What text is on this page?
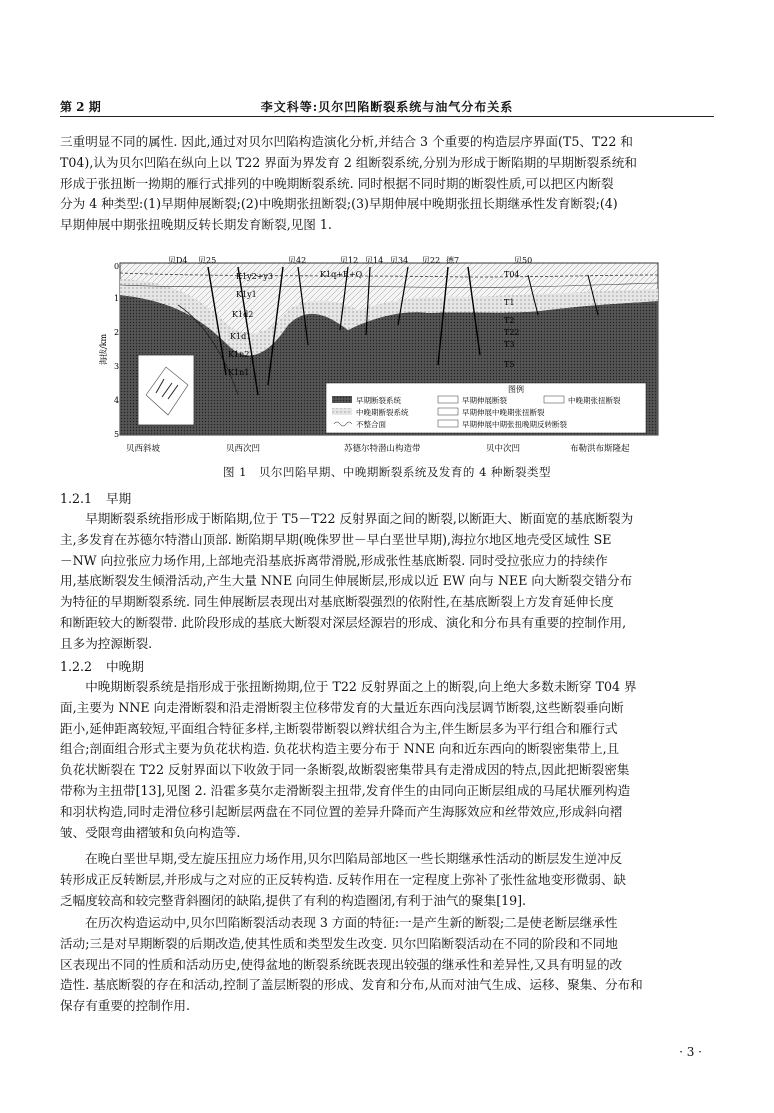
第 2 期	李文科等:贝尔凹陷断裂系统与油气分布关系
三重明显不同的属性. 因此,通过对贝尔凹陷构造演化分析,并结合 3 个重要的构造层序界面(T5、T22 和
T04),认为贝尔凹陷在纵向上以 T22 界面为界发育 2 组断裂系统,分别为形成于断陷期的早期断裂系统和
形成于张扭断一拗期的雁行式排列的中晚期断裂系统. 同时根据不同时期的断裂性质,可以把区内断裂
分为 4 种类型:(1)早期伸展断裂;(2)中晚期张扭断裂;(3)早期伸展中晚期张扭长期继承性发育断裂;(4)
早期伸展中期张扭晚期反转长期发育断裂,见图 1.
贝D4 贝25	贝42	贝12 贝14 贝34 贝22 德7	贝50
0
1
2
3
4
5
海拔/km
K1y2+y3	K1q+R+Q
K1y1
K1d2
K1d1
K1n2
K1n1
T04
T1
T2
T22
T3
T5
图例
早期断裂系统	早期伸展断裂	中晚期张扭断裂
中晚期断裂系统	早期伸展中晚期张扭断裂
不整合面	早期伸展中期张扭晚期反转断裂
贝西斜坡	贝西次凹	苏德尔特潜山构造带	贝中次凹	布勒洪布斯隆起
图 1　贝尔凹陷早期、中晚期断裂系统及发育的 4 种断裂类型
1.2.1 早期
早期断裂系统指形成于断陷期,位于 T5－T22 反射界面之间的断裂,以断距大、断面宽的基底断裂为
主,多发育在苏德尔特潜山顶部. 断陷期早期(晚侏罗世－早白垩世早期),海拉尔地区地壳受区域性 SE
－NW 向拉张应力场作用,上部地壳沿基底拆离带滑脱,形成张性基底断裂. 同时受拉张应力的持续作
用,基底断裂发生倾滑活动,产生大量 NNE 向同生伸展断层,形成以近 EW 向与 NEE 向大断裂交错分布
为特征的早期断裂系统. 同生伸展断层表现出对基底断裂强烈的依附性,在基底断裂上方发育延伸长度
和断距较大的断裂带. 此阶段形成的基底大断裂对深层烃源岩的形成、演化和分布具有重要的控制作用,
且多为控源断裂.
1.2.2 中晚期
中晚期断裂系统是指形成于张扭断拗期,位于 T22 反射界面之上的断裂,向上绝大多数未断穿 T04 界
面,主要为 NNE 向走滑断裂和沿走滑断裂主位移带发育的大量近东西向浅层调节断裂,这些断裂垂向断
距小,延伸距离较短,平面组合特征多样,主断裂带断裂以辫状组合为主,伴生断层多为平行组合和雁行式
组合;剖面组合形式主要为负花状构造. 负花状构造主要分布于 NNE 向和近东西向的断裂密集带上,且
负花状断裂在 T22 反射界面以下收敛于同一条断裂,故断裂密集带具有走滑成因的特点,因此把断裂密集
带称为主扭带[13],见图 2. 沿霍多莫尔走滑断裂主扭带,发育伴生的由同向正断层组成的马尾状雁列构造
和羽状构造,同时走滑位移引起断层两盘在不同位置的差异升降而产生海豚效应和丝带效应,形成斜向褶
皱、受限弯曲褶皱和负向构造等.
在晚白垩世早期,受左旋压扭应力场作用,贝尔凹陷局部地区一些长期继承性活动的断层发生逆冲反
转形成正反转断层,并形成与之对应的正反转构造. 反转作用在一定程度上弥补了张性盆地变形微弱、缺
乏幅度较高和较完整背斜圈闭的缺陷,提供了有利的构造圈闭,有利于油气的聚集[19].
在历次构造运动中,贝尔凹陷断裂活动表现 3 方面的特征:一是产生新的断裂;二是使老断层继承性
活动;三是对早期断裂的后期改造,使其性质和类型发生改变. 贝尔凹陷断裂活动在不同的阶段和不同地
区表现出不同的性质和活动历史,使得盆地的断裂系统既表现出较强的继承性和差异性,又具有明显的改
造性. 基底断裂的存在和活动,控制了盖层断裂的形成、发育和分布,从而对油气生成、运移、聚集、分布和
保存有重要的控制作用.
· 3 ·
